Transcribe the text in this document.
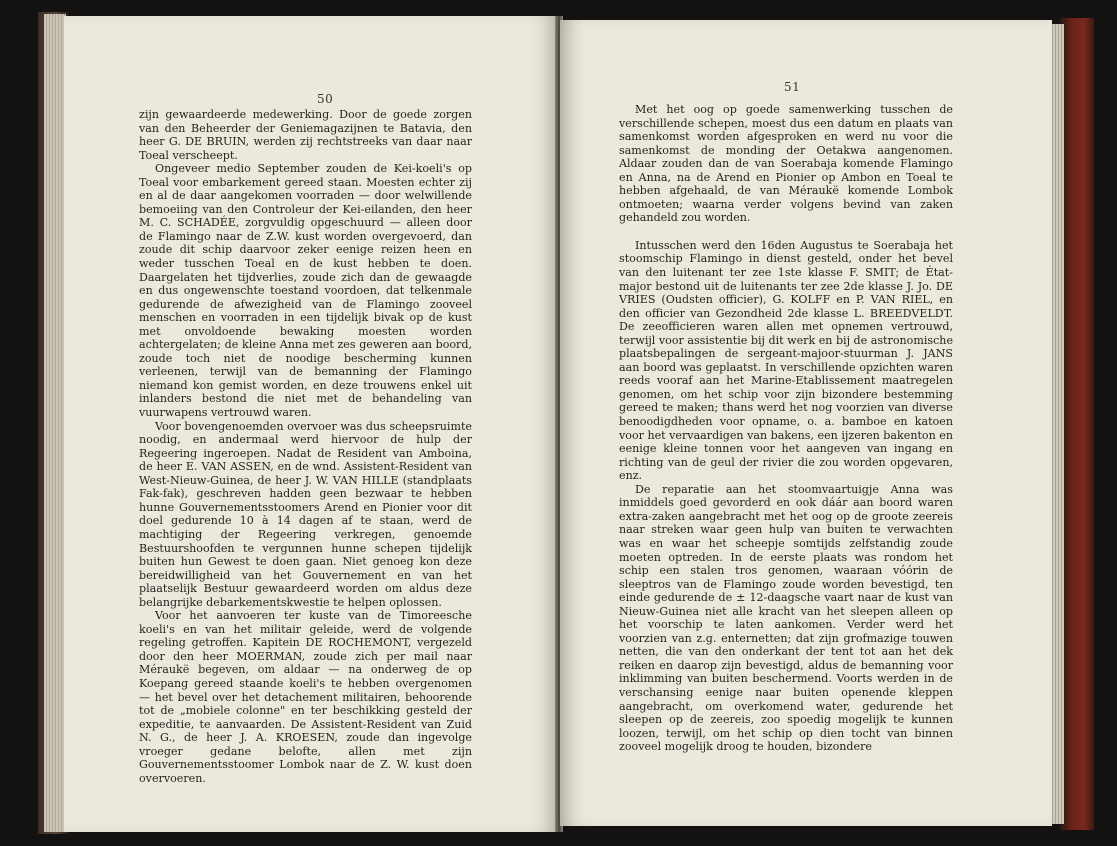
50

zijn gewaardeerde medewerking. Door de goede zorgen van den Beheerder der Geniemagazijnen te Batavia, den heer G. DE BRUIN, werden zij rechtstreeks van daar naar Toeal verscheept.

Ongeveer medio September zouden de Kei-koeli's op Toeal voor embarkement gereed staan. Moesten echter zij en al de daar aangekomen voorraden — door welwillende bemoeiing van den Controleur der Kei-eilanden, den heer M. C. SCHADÉE, zorgvuldig opgeschuurd — alleen door de Flamingo naar de Z.W. kust worden overgevoerd, dan zoude dit schip daarvoor zeker eenige reizen heen en weder tusschen Toeal en de kust hebben te doen. Daargelaten het tijdverlies, zoude zich dan de gewaagde en dus ongewenschte toestand voordoen, dat telkenmale gedurende de afwezigheid van de Flamingo zooveel menschen en voorraden in een tijdelijk bivak op de kust met onvoldoende bewaking moesten worden achtergelaten; de kleine Anna met zes geweren aan boord, zoude toch niet de noodige bescherming kunnen verleenen, terwijl van de bemanning der Flamingo niemand kon gemist worden, en deze trouwens enkel uit inlanders bestond die niet met de behandeling van vuurwapens vertrouwd waren.

Voor bovengenoemden overvoer was dus scheepsruimte noodig, en andermaal werd hiervoor de hulp der Regeering ingeroepen. Nadat de Resident van Amboina, de heer E. VAN ASSEN, en de wnd. Assistent-Resident van West-Nieuw-Guinea, de heer J. W. VAN HILLE (standplaats Fak-fak), geschreven hadden geen bezwaar te hebben hunne Gouvernementsstoomers Arend en Pionier voor dit doel gedurende 10 à 14 dagen af te staan, werd de machtiging der Regeering verkregen, genoemde Bestuurshoofden te vergunnen hunne schepen tijdelijk buiten hun Gewest te doen gaan. Niet genoeg kon deze bereidwilligheid van het Gouvernement en van het plaatselijk Bestuur gewaardeerd worden om aldus deze belangrijke debarkementskwestie te helpen oplossen.

Voor het aanvoeren ter kuste van de Timoreesche koeli's en van het militair geleide, werd de volgende regeling getroffen. Kapitein DE ROCHEMONT, vergezeld door den heer MOERMAN, zoude zich per mail naar Méraukë begeven, om aldaar — na onderweg de op Koepang gereed staande koeli's te hebben overgenomen — het bevel over het detachement militairen, behoorende tot de „mobiele colonne" en ter beschikking gesteld der expeditie, te aanvaarden. De Assistent-Resident van Zuid N. G., de heer J. A. KROESEN, zoude dan ingevolge vroeger gedane belofte, allen met zijn Gouvernementsstoomer Lombok naar de Z. W. kust doen overvoeren.

51

Met het oog op goede samenwerking tusschen de verschillende schepen, moest dus een datum en plaats van samenkomst worden afgesproken en werd nu voor die samenkomst de monding der Oetakwa aangenomen. Aldaar zouden dan de van Soerabaja komende Flamingo en Anna, na de Arend en Pionier op Ambon en Toeal te hebben afgehaald, de van Méraukë komende Lombok ontmoeten; waarna verder volgens bevind van zaken gehandeld zou worden.

Intusschen werd den 16den Augustus te Soerabaja het stoomschip Flamingo in dienst gesteld, onder het bevel van den luitenant ter zee 1ste klasse F. SMIT; de État-major bestond uit de luitenants ter zee 2de klasse J. Jo. DE VRIES (Oudsten officier), G. KOLFF en P. VAN RIEL, en den officier van Gezondheid 2de klasse L. BREEDVELDT. De zeeofficieren waren allen met opnemen vertrouwd, terwijl voor assistentie bij dit werk en bij de astronomische plaatsbepalingen de sergeant-majoor-stuurman J. JANS aan boord was geplaatst. In verschillende opzichten waren reeds vooraf aan het Marine-Etablissement maatregelen genomen, om het schip voor zijn bizondere bestemming gereed te maken; thans werd het nog voorzien van diverse benoodigdheden voor opname, o. a. bamboe en katoen voor het vervaardigen van bakens, een ijzeren bakenton en eenige kleine tonnen voor het aangeven van ingang en richting van de geul der rivier die zou worden opgevaren, enz.

De reparatie aan het stoomvaartuigje Anna was inmiddels goed gevorderd en ook dáár aan boord waren extra-zaken aangebracht met het oog op de groote zeereis naar streken waar geen hulp van buiten te verwachten was en waar het scheepje somtijds zelfstandig zoude moeten optreden. In de eerste plaats was rondom het schip een stalen tros genomen, waaraan vóórin de sleeptros van de Flamingo zoude worden bevestigd, ten einde gedurende de ± 12-daagsche vaart naar de kust van Nieuw-Guinea niet alle kracht van het sleepen alleen op het voorschip te laten aankomen. Verder werd het voorzien van z.g. enternetten; dat zijn grofmazige touwen netten, die van den onderkant der tent tot aan het dek reiken en daarop zijn bevestigd, aldus de bemanning voor inklimming van buiten beschermend. Voorts werden in de verschansing eenige naar buiten openende kleppen aangebracht, om overkomend water, gedurende het sleepen op de zeereis, zoo spoedig mogelijk te kunnen loozen, terwijl, om het schip op dien tocht van binnen zooveel mogelijk droog te houden, bizondere
